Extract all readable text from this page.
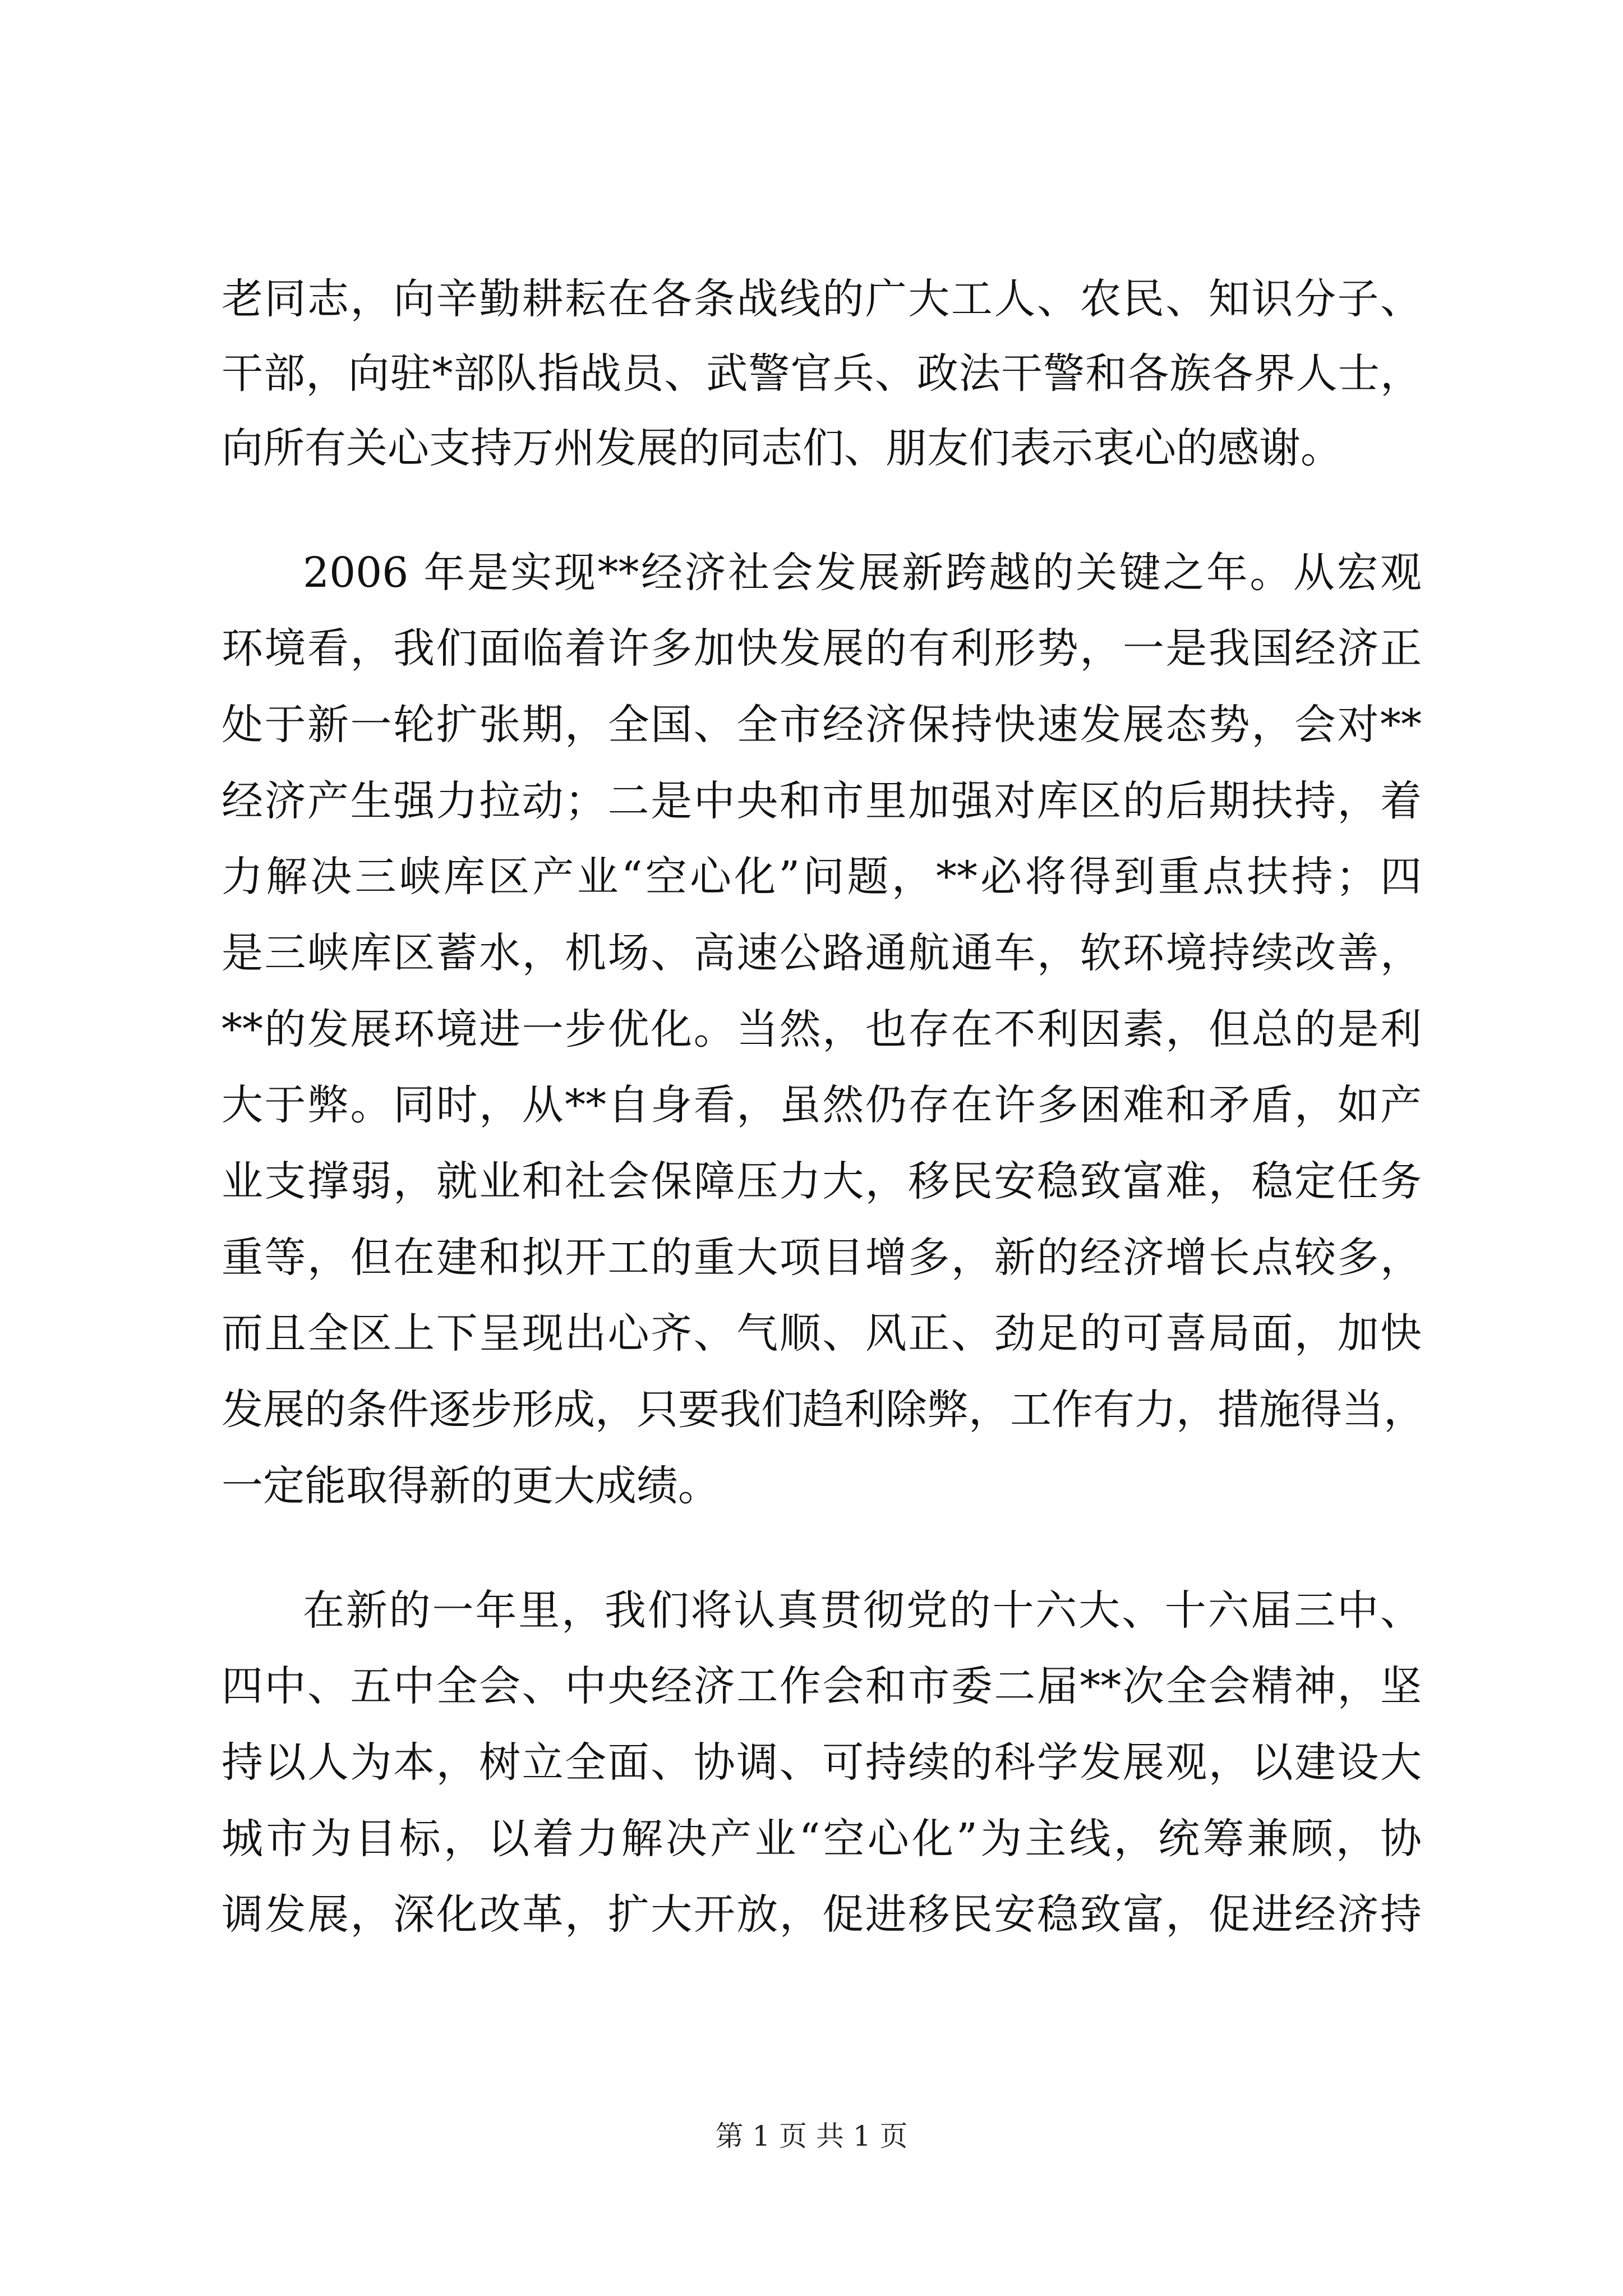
老同志，向辛勤耕耘在各条战线的广大工人、农民、知识分子、
干部，向驻*部队指战员、武警官兵、政法干警和各族各界人士，
向所有关心支持万州发展的同志们、朋友们表示衷心的感谢。
2006 年是实现**经济社会发展新跨越的关键之年。从宏观
环境看，我们面临着许多加快发展的有利形势，一是我国经济正
处于新一轮扩张期，全国、全市经济保持快速发展态势，会对**
经济产生强力拉动；二是中央和市里加强对库区的后期扶持，着
力解决三峡库区产业“空心化”问题，**必将得到重点扶持；四
是三峡库区蓄水，机场、高速公路通航通车，软环境持续改善，
**的发展环境进一步优化。当然，也存在不利因素，但总的是利
大于弊。同时，从**自身看，虽然仍存在许多困难和矛盾，如产
业支撑弱，就业和社会保障压力大，移民安稳致富难，稳定任务
重等，但在建和拟开工的重大项目增多，新的经济增长点较多，
而且全区上下呈现出心齐、气顺、风正、劲足的可喜局面，加快
发展的条件逐步形成，只要我们趋利除弊，工作有力，措施得当，
一定能取得新的更大成绩。
在新的一年里，我们将认真贯彻党的十六大、十六届三中、
四中、五中全会、中央经济工作会和市委二届**次全会精神，坚
持以人为本，树立全面、协调、可持续的科学发展观，以建设大
城市为目标，以着力解决产业“空心化”为主线，统筹兼顾，协
调发展，深化改革，扩大开放，促进移民安稳致富，促进经济持
第 1 页 共 1 页
